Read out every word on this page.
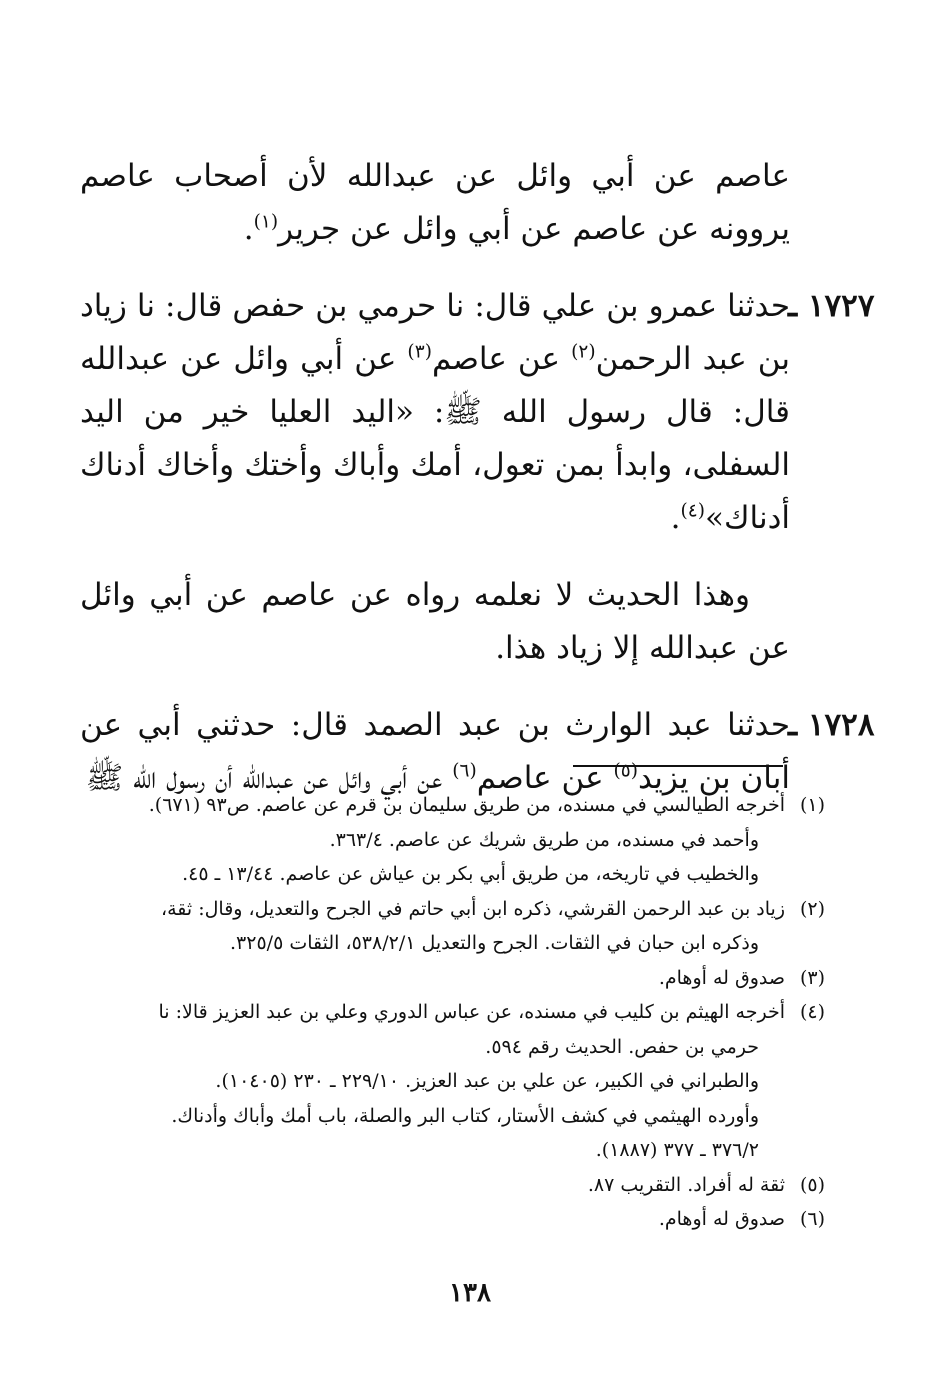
عاصم عن أبي وائل عن عبدالله لأن أصحاب عاصم يروونه عن عاصم عن أبي وائل عن جرير$^{(١)}$.

١٧٢٧ ـ
حدثنا عمرو بن علي قال: نا حرمي بن حفص قال: نا زياد بن عبد الرحمن$^{(٢)}$ عن عاصم$^{(٣)}$ عن أبي وائل عن عبدالله قال: قال رسول الله ﷺ: «اليد العليا خير من اليد السفلى، وابدأ بمن تعول، أمك وأباك وأختك وأخاك أدناك أدناك»$^{(٤)}$.

وهذا الحديث لا نعلمه رواه عن عاصم عن أبي وائل عن عبدالله إلا زياد هذا.

١٧٢٨ ـ
حدثنا عبد الوارث بن عبد الصمد قال: حدثني أبي عن أبان بن يزيد$^{(٥)}$ عن عاصم$^{(٦)}$ عن أبي وائل عن عبدالله أن رسول الله ﷺ
(١)
أخرجه الطيالسي في مسنده، من طريق سليمان بن قرم عن عاصم. ص٩٣ (٦٧١).
وأحمد في مسنده، من طريق شريك عن عاصم. ٣٦٣/٤.
والخطيب في تاريخه، من طريق أبي بكر بن عياش عن عاصم. ١٣/٤٤ ـ ٤٥.
(٢)
زياد بن عبد الرحمن القرشي، ذكره ابن أبي حاتم في الجرح والتعديل، وقال: ثقة،
وذكره ابن حبان في الثقات. الجرح والتعديل ٥٣٨/٢/١، الثقات ٣٢٥/٥.
(٣)
صدوق له أوهام.
(٤)
أخرجه الهيثم بن كليب في مسنده، عن عباس الدوري وعلي بن عبد العزيز قالا: نا
حرمي بن حفص. الحديث رقم ٥٩٤.
والطبراني في الكبير، عن علي بن عبد العزيز. ٢٢٩/١٠ ـ ٢٣٠ (١٠٤٠٥).
وأورده الهيثمي في كشف الأستار، كتاب البر والصلة، باب أمك وأباك وأدناك.
٣٧٦/٢ ـ ٣٧٧ (١٨٨٧).
(٥)
ثقة له أفراد. التقريب ٨٧.
(٦)
صدوق له أوهام.
١٣٨
